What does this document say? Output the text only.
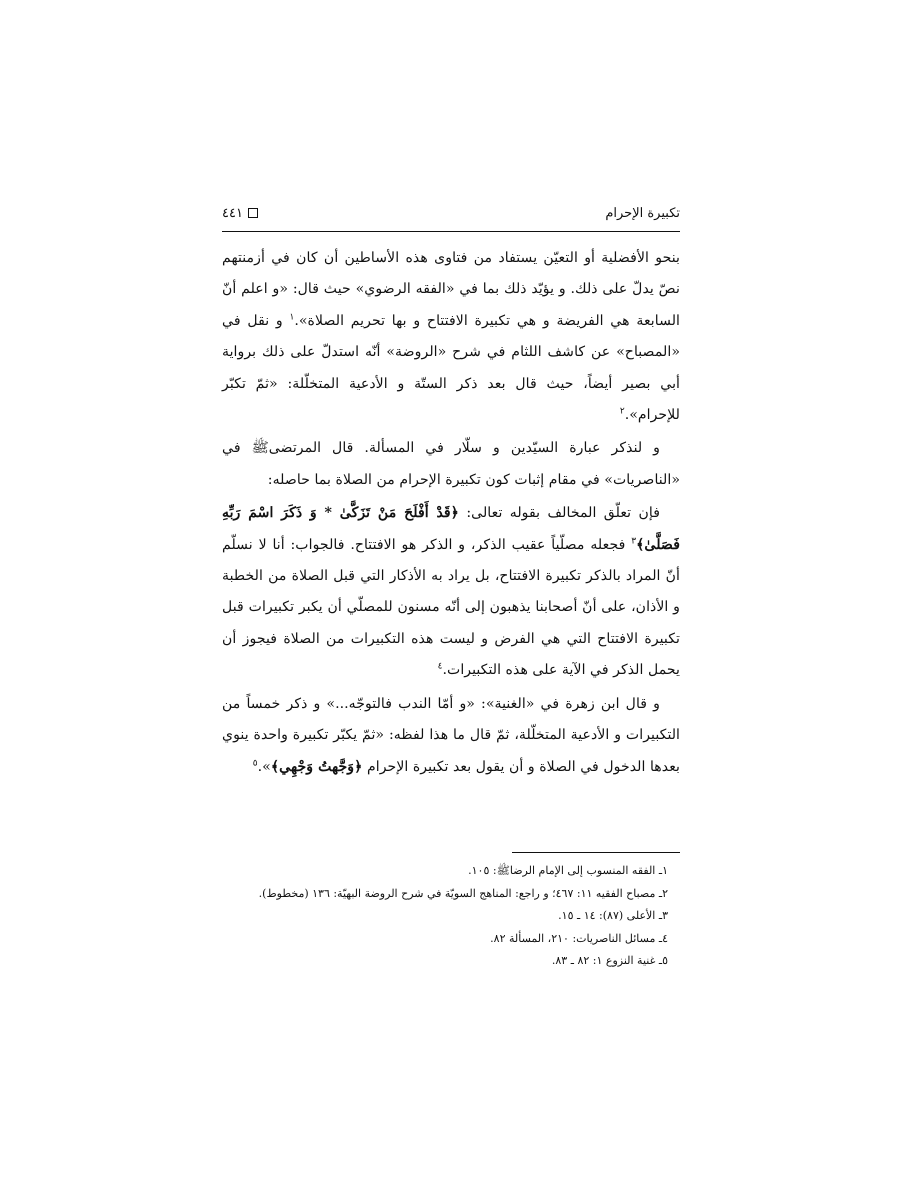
تكبيرة الإحرام
٤٤١

بنحو الأفضلية أو التعيّن يستفاد من فتاوى هذه الأساطين أن كان في أزمنتهم نصّ يدلّ على ذلك. و يؤيّد ذلك بما في «الفقه الرضوي» حيث قال: «و اعلم أنّ السابعة هي الفريضة و هي تكبيرة الافتتاح و بها تحريم الصلاة».$^١$ و نقل في «المصباح» عن كاشف اللثام في شرح «الروضة» أنّه استدلّ على ذلك برواية أبي بصير أيضاً، حيث قال بعد ذكر الستّة و الأدعية المتخلّلة: «ثمّ تكبّر للإحرام».$^٢$

و لنذكر عبارة السيّدين و سلّار في المسألة. قال المرتضىﷺ في «الناصريات» في مقام إثبات كون تكبيرة الإحرام من الصلاة بما حاصله:

فإن تعلّق المخالف بقوله تعالى: ﴿قَدْ أَفْلَحَ مَنْ تَزَكَّىٰ * وَ ذَكَرَ اسْمَ رَبِّهِ فَصَلَّىٰ﴾$^٣$ فجعله مصلّياً عقيب الذكر، و الذكر هو الافتتاح. فالجواب: أنا لا نسلّم أنّ المراد بالذكر تكبيرة الافتتاح، بل يراد به الأذكار التي قبل الصلاة من الخطبة و الأذان، على أنّ أصحابنا يذهبون إلى أنّه مسنون للمصلّي أن يكبر تكبيرات قبل تكبيرة الافتتاح التي هي الفرض و ليست هذه التكبيرات من الصلاة فيجوز أن يحمل الذكر في الآية على هذه التكبيرات.$^٤$

و قال ابن زهرة في «الغنية»: «و أمّا الندب فالتوجّه...» و ذكر خمساً من التكبيرات و الأدعية المتخلّلة، ثمّ قال ما هذا لفظه: «ثمّ يكبّر تكبيرة واحدة ينوي بعدها الدخول في الصلاة و أن يقول بعد تكبيرة الإحرام ﴿وَجَّهتُ وَجْهِي﴾».$^٥$

١ـ الفقه المنسوب إلى الإمام الرضاﷺ: ١٠٥.

٢ـ مصباح الفقيه ١١: ٤٦٧؛ و راجع: المناهج السويّة في شرح الروضة البهيّة: ١٣٦ (مخطوط).

٣ـ الأعلى (٨٧): ١٤ ـ ١٥.

٤ـ مسائل الناصريات: ٢١٠، المسألة ٨٢.

٥ـ غنية النزوع ١: ٨٢ ـ ٨٣.
